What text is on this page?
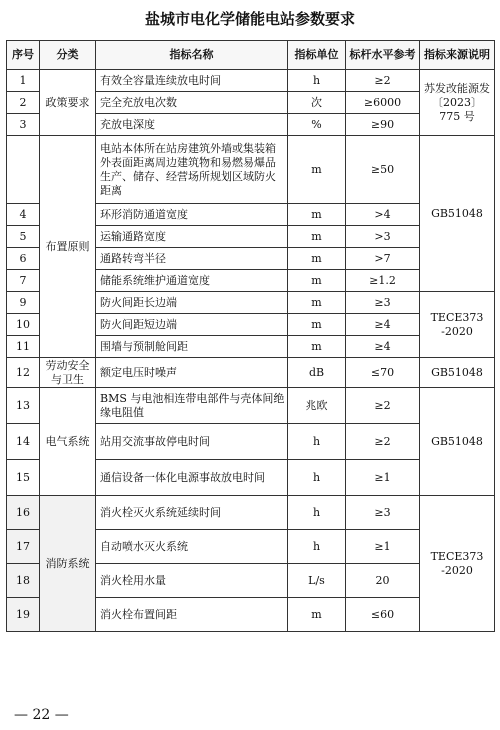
盐城市电化学储能电站参数要求
序号	分类	指标名称	指标单位	标杆水平参考	指标来源说明
1	政策要求	有效全容量连续放电时间	h	≥2	苏发改能源发〔2023〕775 号
2		完全充放电次数	次	≥6000	
3		充放电深度	%	≥90	
	布置原则	电站本体所在站房建筑外墙或集装箱外表面距离周边建筑物和易燃易爆品生产、储存、经营场所规划区域防火距离	m	≥50	GB51048
4		环形消防通道宽度	m	>4	
5		运输通路宽度	m	>3	
6		通路转弯半径	m	>7	
7		储能系统维护通道宽度	m	≥1.2	
9		防火间距长边端	m	≥3	TECE373 -2020
10		防火间距短边端	m	≥4	
11		围墙与预制舱间距	m	≥4	
12	劳动安全与卫生	额定电压时噪声	dB	≤70	GB51048
13	电气系统	BMS 与电池相连带电部件与壳体间绝缘电阻值	兆欧	≥2	GB51048
14		站用交流事故停电时间	h	≥2	
15		通信设备一体化电源事故放电时间	h	≥1	
16	消防系统	消火栓灭火系统延续时间	h	≥3	TECE373 -2020
17		自动喷水灭火系统	h	≥1	
18		消火栓用水量	L/s	20	
19		消火栓布置间距	m	≤60	
— 22 —
